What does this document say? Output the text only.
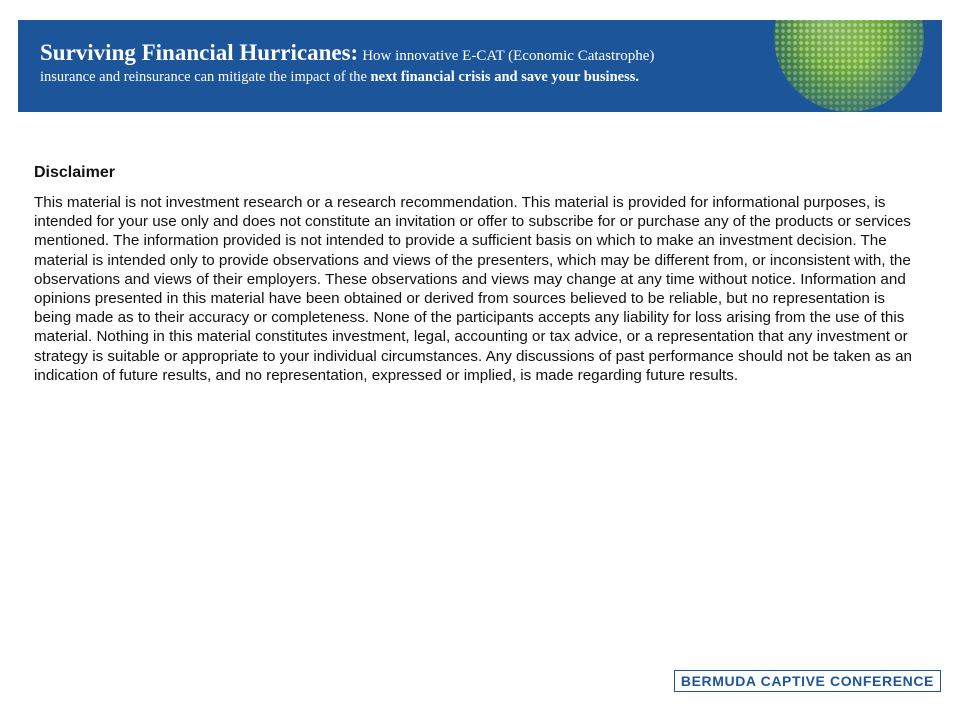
Surviving Financial Hurricanes: How innovative E-CAT (Economic Catastrophe)
insurance and reinsurance can mitigate the impact of the next financial crisis and save your business.
Disclaimer
This material is not investment research or a research recommendation. This material is provided for informational purposes, is intended for your use only and does not constitute an invitation or offer to subscribe for or purchase any of the products or services mentioned. The information provided is not intended to provide a sufficient basis on which to make an investment decision. The material is intended only to provide observations and views of the presenters, which may be different from, or inconsistent with, the observations and views of their employers. These observations and views may change at any time without notice. Information and opinions presented in this material have been obtained or derived from sources believed to be reliable, but no representation is being made as to their accuracy or completeness. None of the participants accepts any liability for loss arising from the use of this material. Nothing in this material constitutes investment, legal, accounting or tax advice, or a representation that any investment or strategy is suitable or appropriate to your individual circumstances. Any discussions of past performance should not be taken as an indication of future results, and no representation, expressed or implied, is made regarding future results.
BERMUDA CAPTIVE CONFERENCE
